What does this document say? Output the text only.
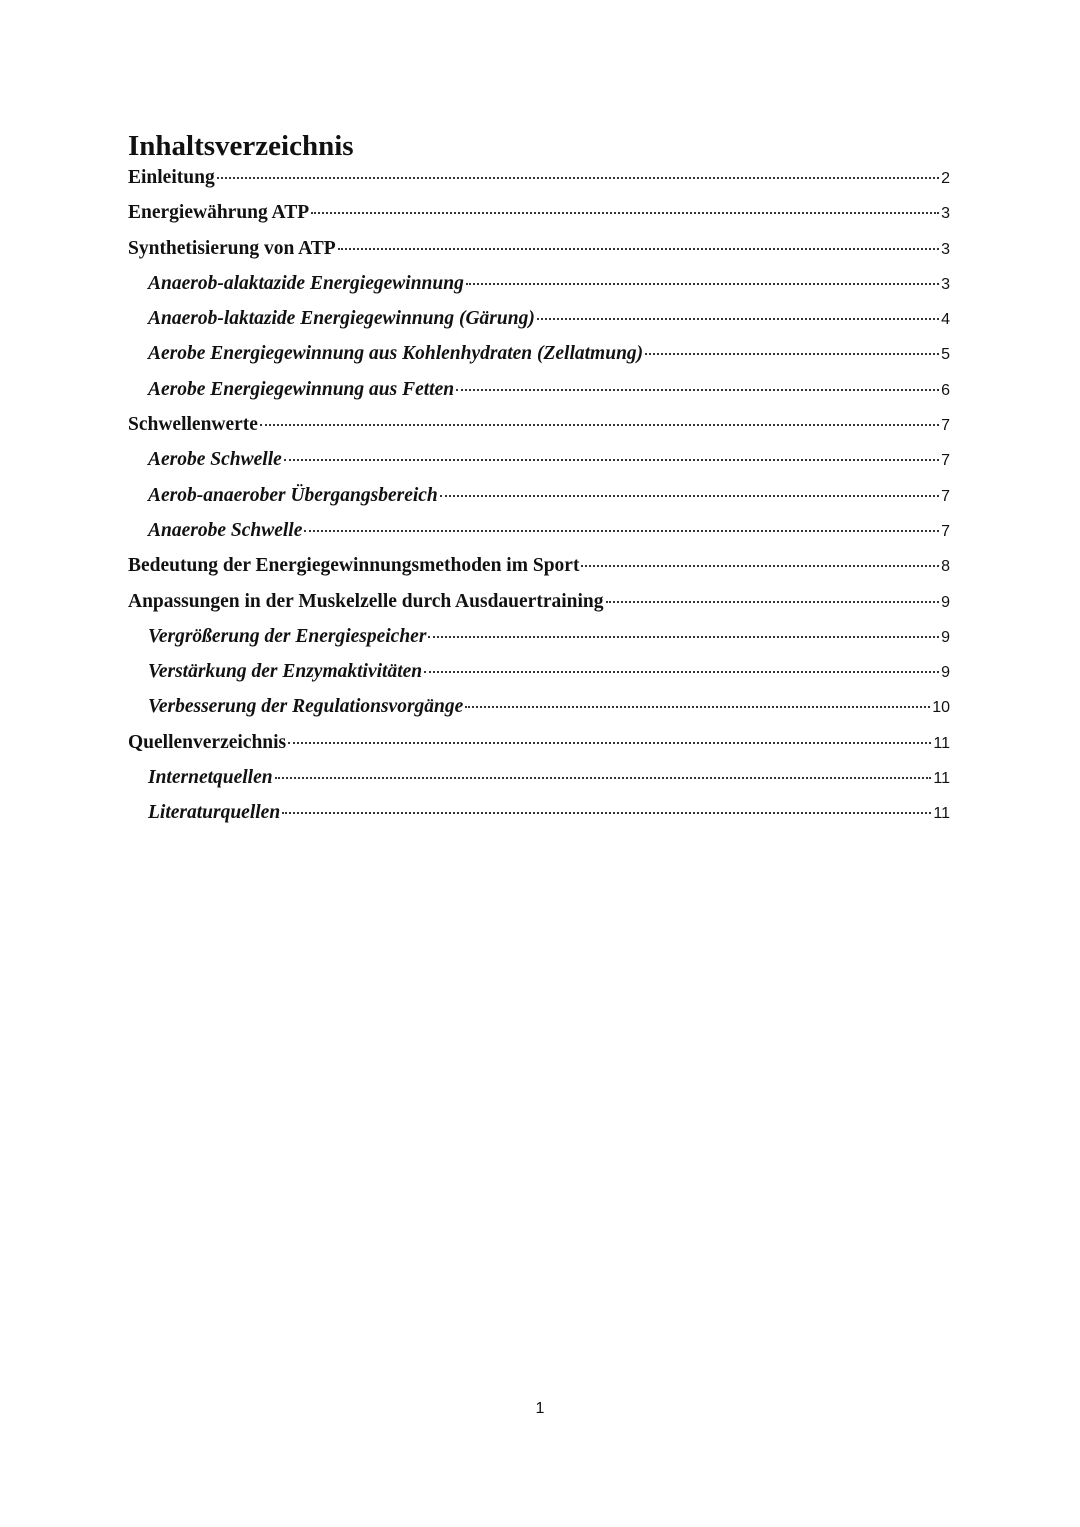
Inhaltsverzeichnis
Einleitung	2
Energiewährung ATP	3
Synthetisierung von ATP	3
Anaerob-alaktazide Energiegewinnung	3
Anaerob-laktazide Energiegewinnung (Gärung)	4
Aerobe Energiegewinnung aus Kohlenhydraten (Zellatmung)	5
Aerobe Energiegewinnung aus Fetten	6
Schwellenwerte	7
Aerobe Schwelle	7
Aerob-anaerober Übergangsbereich	7
Anaerobe Schwelle	7
Bedeutung der Energiegewinnungsmethoden im Sport	8
Anpassungen in der Muskelzelle durch Ausdauertraining	9
Vergrößerung der Energiespeicher	9
Verstärkung der Enzymaktivitäten	9
Verbesserung der Regulationsvorgänge	10
Quellenverzeichnis	11
Internetquellen	11
Literaturquellen	11
1
